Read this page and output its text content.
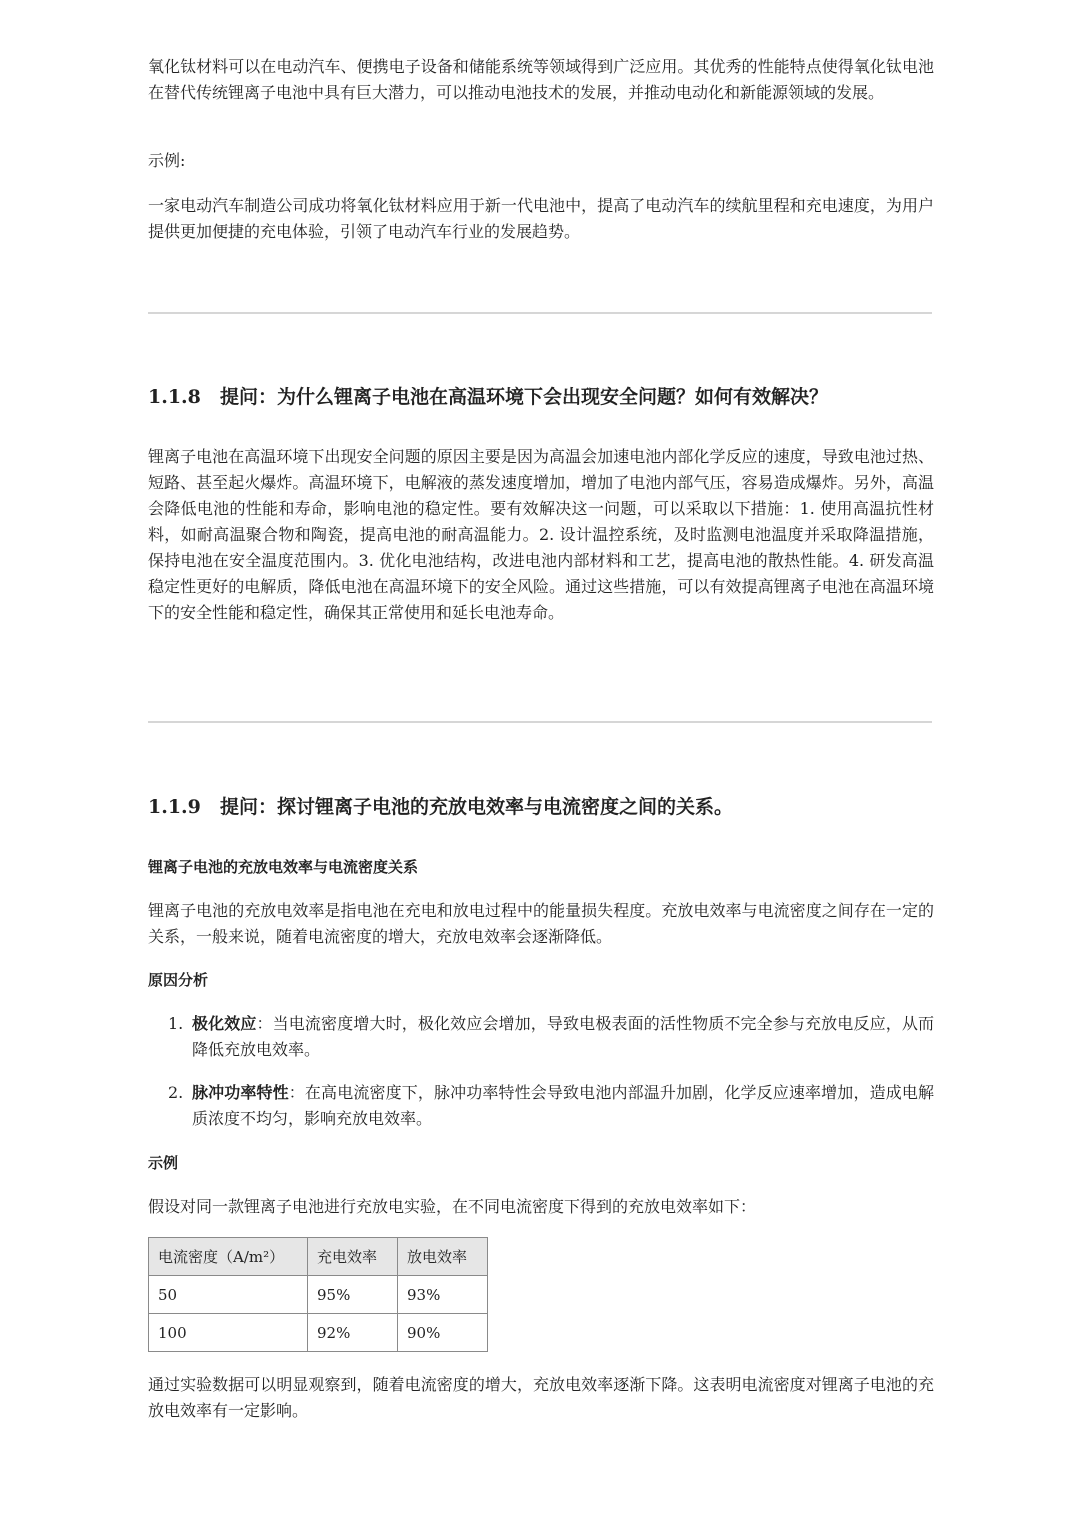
氧化钛材料可以在电动汽车、便携电子设备和储能系统等领域得到广泛应用。其优秀的性能特点使得氧化钛电池在替代传统锂离子电池中具有巨大潜力，可以推动电池技术的发展，并推动电动化和新能源领域的发展。

示例:

一家电动汽车制造公司成功将氧化钛材料应用于新一代电池中，提高了电动汽车的续航里程和充电速度，为用户提供更加便捷的充电体验，引领了电动汽车行业的发展趋势。

1.1.8 提问：为什么锂离子电池在高温环境下会出现安全问题？如何有效解决？

锂离子电池在高温环境下出现安全问题的原因主要是因为高温会加速电池内部化学反应的速度，导致电池过热、短路、甚至起火爆炸。高温环境下，电解液的蒸发速度增加，增加了电池内部气压，容易造成爆炸。另外，高温会降低电池的性能和寿命，影响电池的稳定性。要有效解决这一问题，可以采取以下措施：1. 使用高温抗性材料，如耐高温聚合物和陶瓷，提高电池的耐高温能力。2. 设计温控系统，及时监测电池温度并采取降温措施，保持电池在安全温度范围内。3. 优化电池结构，改进电池内部材料和工艺，提高电池的散热性能。4. 研发高温稳定性更好的电解质，降低电池在高温环境下的安全风险。通过这些措施，可以有效提高锂离子电池在高温环境下的安全性能和稳定性，确保其正常使用和延长电池寿命。

1.1.9 提问：探讨锂离子电池的充放电效率与电流密度之间的关系。

锂离子电池的充放电效率与电流密度关系

锂离子电池的充放电效率是指电池在充电和放电过程中的能量损失程度。充放电效率与电流密度之间存在一定的关系，一般来说，随着电流密度的增大，充放电效率会逐渐降低。

原因分析

1. 极化效应：当电流密度增大时，极化效应会增加，导致电极表面的活性物质不完全参与充放电反应，从而降低充放电效率。
2. 脉冲功率特性：在高电流密度下，脉冲功率特性会导致电池内部温升加剧，化学反应速率增加，造成电解质浓度不均匀，影响充放电效率。

示例

假设对同一款锂离子电池进行充放电实验，在不同电流密度下得到的充放电效率如下：

电流密度（A/m²）	充电效率	放电效率
50	95%	93%
100	92%	90%

通过实验数据可以明显观察到，随着电流密度的增大，充放电效率逐渐下降。这表明电流密度对锂离子电池的充放电效率有一定影响。
